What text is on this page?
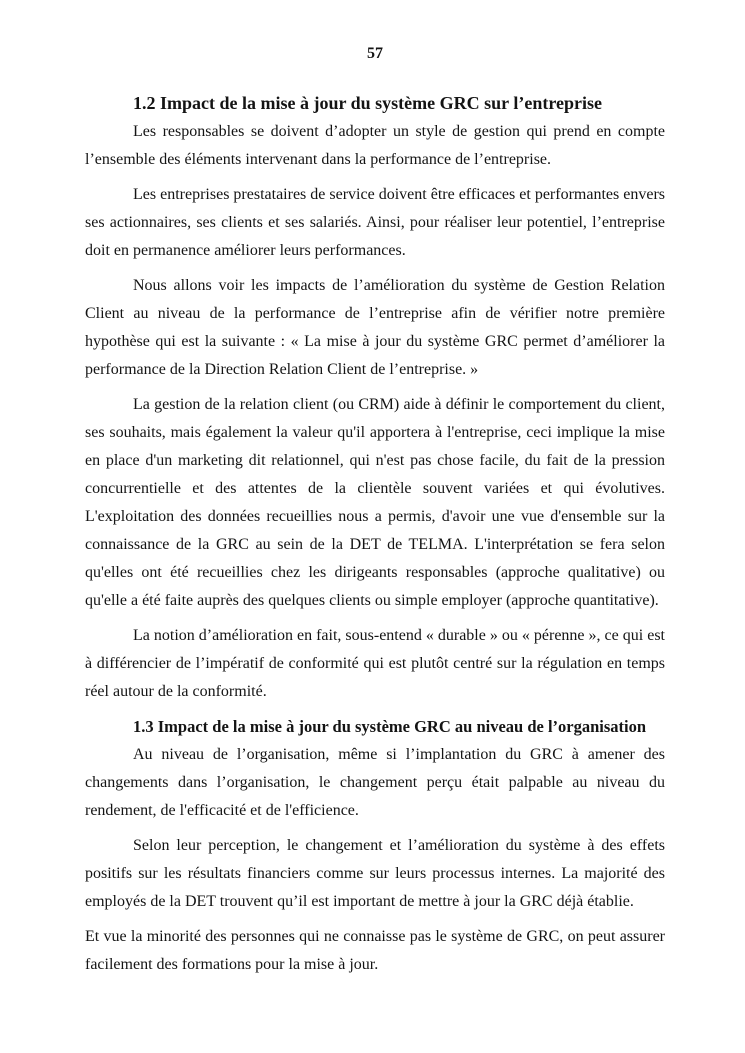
57
1.2 Impact de la mise à jour du système GRC sur l’entreprise

Les responsables se doivent d’adopter un style de gestion qui prend en compte l’ensemble des éléments intervenant dans la performance de l’entreprise.

Les entreprises prestataires de service doivent être efficaces et performantes envers ses actionnaires, ses clients et ses salariés. Ainsi, pour réaliser leur potentiel, l’entreprise doit en permanence améliorer leurs performances.

Nous allons voir les impacts de l’amélioration du système de Gestion Relation Client au niveau de la performance de l’entreprise afin de vérifier notre première hypothèse qui est la suivante : « La mise à jour du système GRC permet d’améliorer la performance de la Direction Relation Client de l’entreprise. »

La gestion de la relation client (ou CRM) aide à définir le comportement du client, ses souhaits, mais également la valeur qu'il apportera à l'entreprise, ceci implique la mise en place d'un marketing dit relationnel, qui n'est pas chose facile, du fait de la pression concurrentielle et des attentes de la clientèle souvent variées et qui évolutives. L'exploitation des données recueillies nous a permis, d'avoir une vue d'ensemble sur la connaissance de la GRC au sein de la DET de TELMA. L'interprétation se fera selon qu'elles ont été recueillies chez les dirigeants responsables (approche qualitative) ou qu'elle a été faite auprès des quelques clients ou simple employer (approche quantitative).

La notion d’amélioration en fait, sous-entend « durable » ou « pérenne », ce qui est à différencier de l’impératif de conformité qui est plutôt centré sur la régulation en temps réel autour de la conformité.

1.3 Impact de la mise à jour du système GRC au niveau de l’organisation

Au niveau de l’organisation, même si l’implantation du GRC à amener des changements dans l’organisation, le changement perçu était palpable au niveau du rendement, de l'efficacité et de l'efficience.

Selon leur perception, le changement et l’amélioration du système à des effets positifs sur les résultats financiers comme sur leurs processus internes. La majorité des employés de la DET trouvent qu’il est important de mettre à jour la GRC déjà établie.

Et vue la minorité des personnes qui ne connaisse pas le système de GRC, on peut assurer facilement des formations pour la mise à jour.
